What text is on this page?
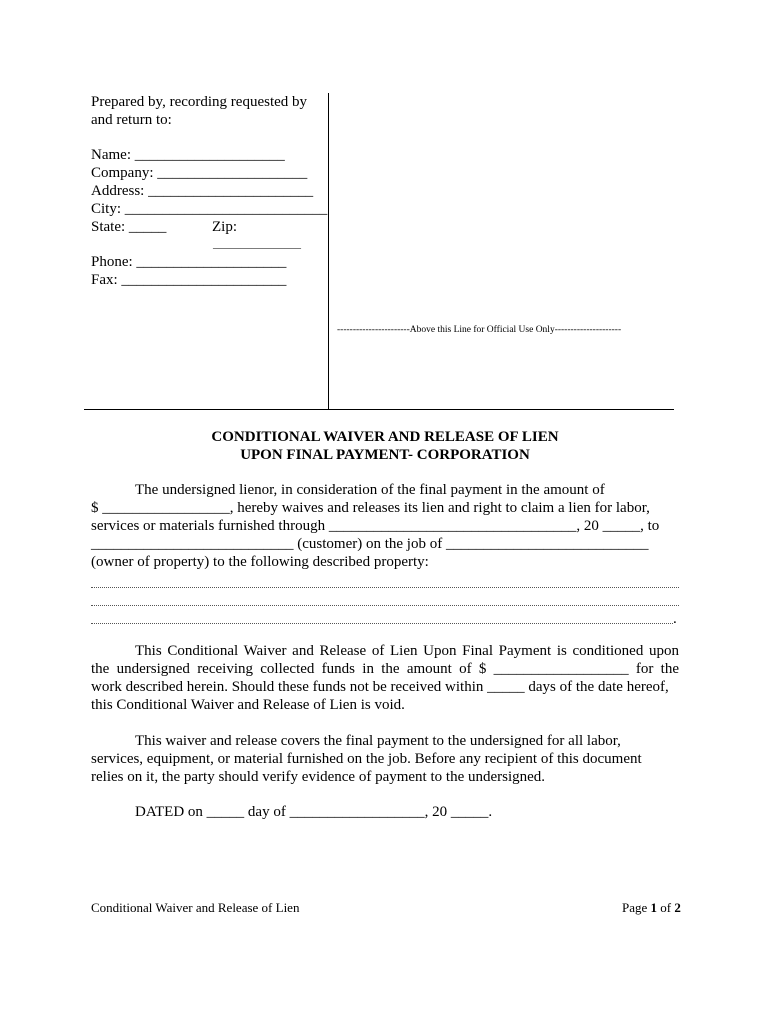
Prepared by, recording requested by
and return to:
Name: ____________________
Company: ____________________
Address: ______________________
City: ___________________________
State: _____	Zip:
________________
Phone: ____________________
Fax: ______________________
-----------------------Above this Line for Official Use Only---------------------
CONDITIONAL WAIVER AND RELEASE OF LIEN
UPON FINAL PAYMENT- CORPORATION
The undersigned lienor, in consideration of the final payment in the amount of
$ _________________, hereby waives and releases its lien and right to claim a lien for labor,
services or materials furnished through _________________________________, 20 _____, to
___________________________ (customer) on the job of ___________________________
(owner of property) to the following described property:
.
This Conditional Waiver and Release of Lien Upon Final Payment is conditioned upon
the undersigned receiving collected funds in the amount of $ __________________ for the
work described herein. Should these funds not be received within _____ days of the date hereof,
this Conditional Waiver and Release of Lien is void.
This waiver and release covers the final payment to the undersigned for all labor,
services, equipment, or material furnished on the job. Before any recipient of this document
relies on it, the party should verify evidence of payment to the undersigned.
DATED on _____ day of __________________, 20 _____.
Conditional Waiver and Release of Lien	Page 1 of 2
